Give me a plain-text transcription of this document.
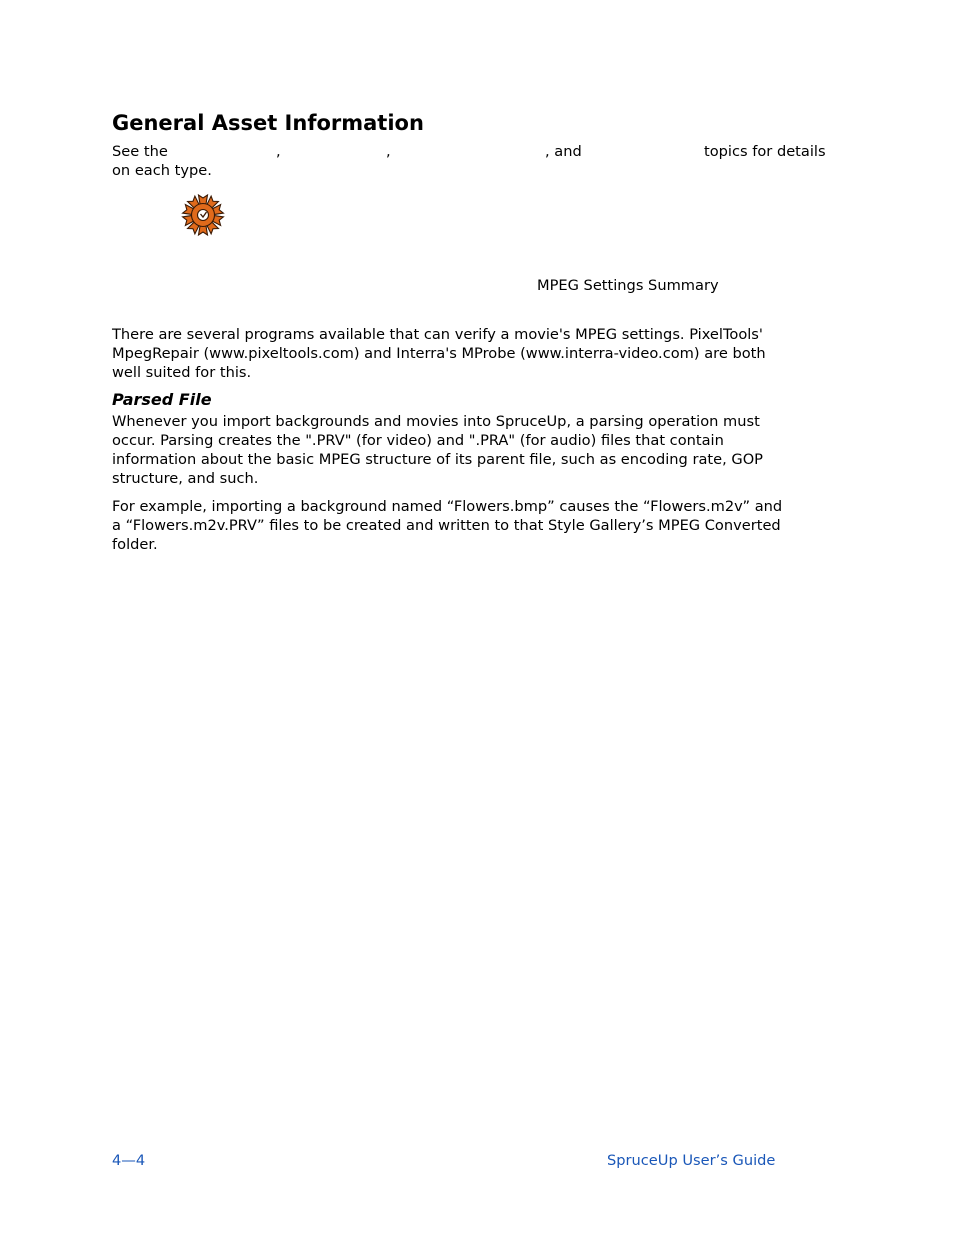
General Asset Information
See the	,	,	, and	topics for details
on each type.
MPEG Settings Summary
There are several programs available that can verify a movie's MPEG settings. PixelTools'
MpegRepair (www.pixeltools.com) and Interra's MProbe (www.interra-video.com) are both
well suited for this.
Parsed File
Whenever you import backgrounds and movies into SpruceUp, a parsing operation must
occur. Parsing creates the ".PRV" (for video) and ".PRA" (for audio) files that contain
information about the basic MPEG structure of its parent file, such as encoding rate, GOP
structure, and such.
For example, importing a background named “Flowers.bmp” causes the “Flowers.m2v” and
a “Flowers.m2v.PRV” files to be created and written to that Style Gallery’s MPEG Converted
folder.
4—4	SpruceUp User’s Guide
